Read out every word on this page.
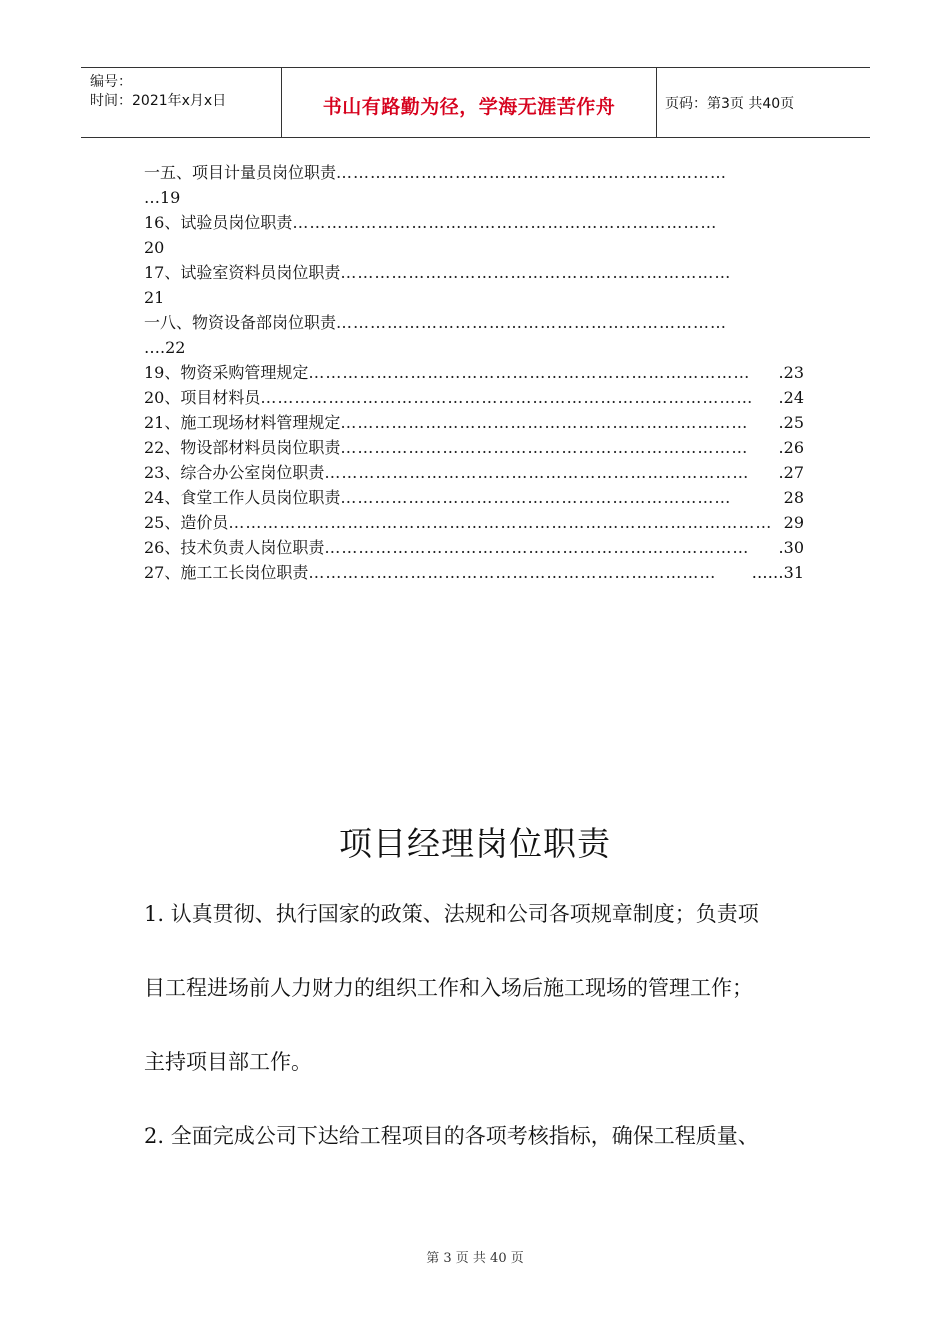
编号：
时间：2021年x月x日	书山有路勤为径，学海无涯苦作舟	页码：第3页 共40页
一五、项目计量员岗位职责 ……………………………………………………………
…19
16、试验员岗位职责 …………………………………………………………………
20
17、试验室资料员岗位职责 ……………………………………………………………
21
一八、物资设备部岗位职责 ……………………………………………………………
….22
19、物资采购管理规定 ……………………………………………………………………	.23
20、项目材料员 ……………………………………………………………………………	.24
21、施工现场材料管理规定 ………………………………………………………………	.25
22、物设部材料员岗位职责 ………………………………………………………………	.26
23、综合办公室岗位职责 …………………………………………………………………	.27
24、食堂工作人员岗位职责 ……………………………………………………………	28
25、造价员 …………………………………………………………………………………… 29
26、技术负责人岗位职责 …………………………………………………………………	.30
27、施工工长岗位职责 ………………………………………………………………	……31
项目经理岗位职责
1. 认真贯彻、执行国家的政策、法规和公司各项规章制度；负责项
目工程进场前人力财力的组织工作和入场后施工现场的管理工作；
主持项目部工作。
2. 全面完成公司下达给工程项目的各项考核指标，确保工程质量、
第 3 页 共 40 页
